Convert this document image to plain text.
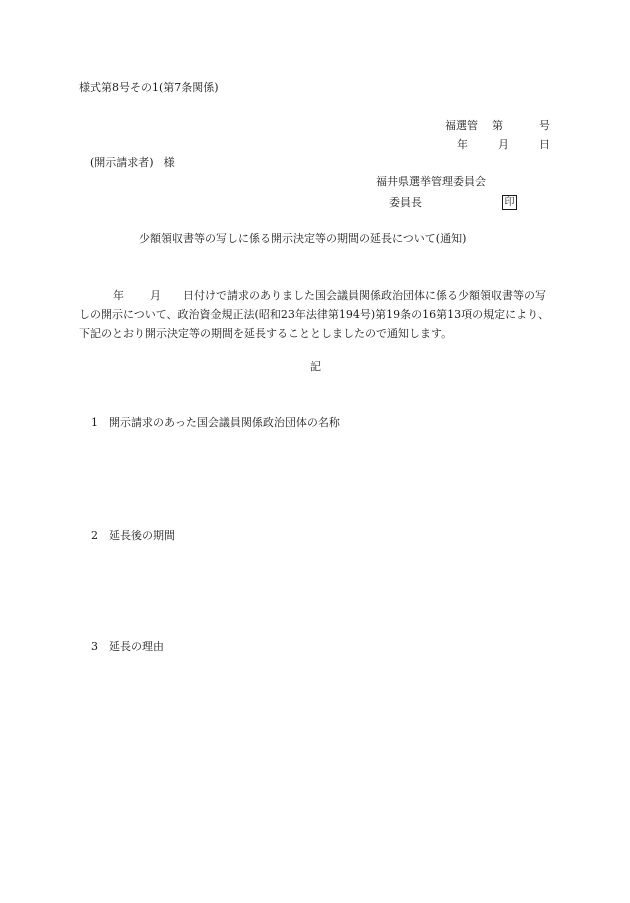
様式第8号その1(第7条関係)
福選管 第	号
年	月	日
(開示請求者) 様
福井県選挙管理委員会
委員長	印
少額領収書等の写しに係る開示決定等の期間の延長について(通知)
年 月 日付けで請求のありました国会議員関係政治団体に係る少額領収書等の写しの開示について、政治資金規正法(昭和23年法律第194号)第19条の16第13項の規定により、下記のとおり開示決定等の期間を延長することとしましたので通知します。
記
1	開示請求のあった国会議員関係政治団体の名称
2	延長後の期間
3	延長の理由
